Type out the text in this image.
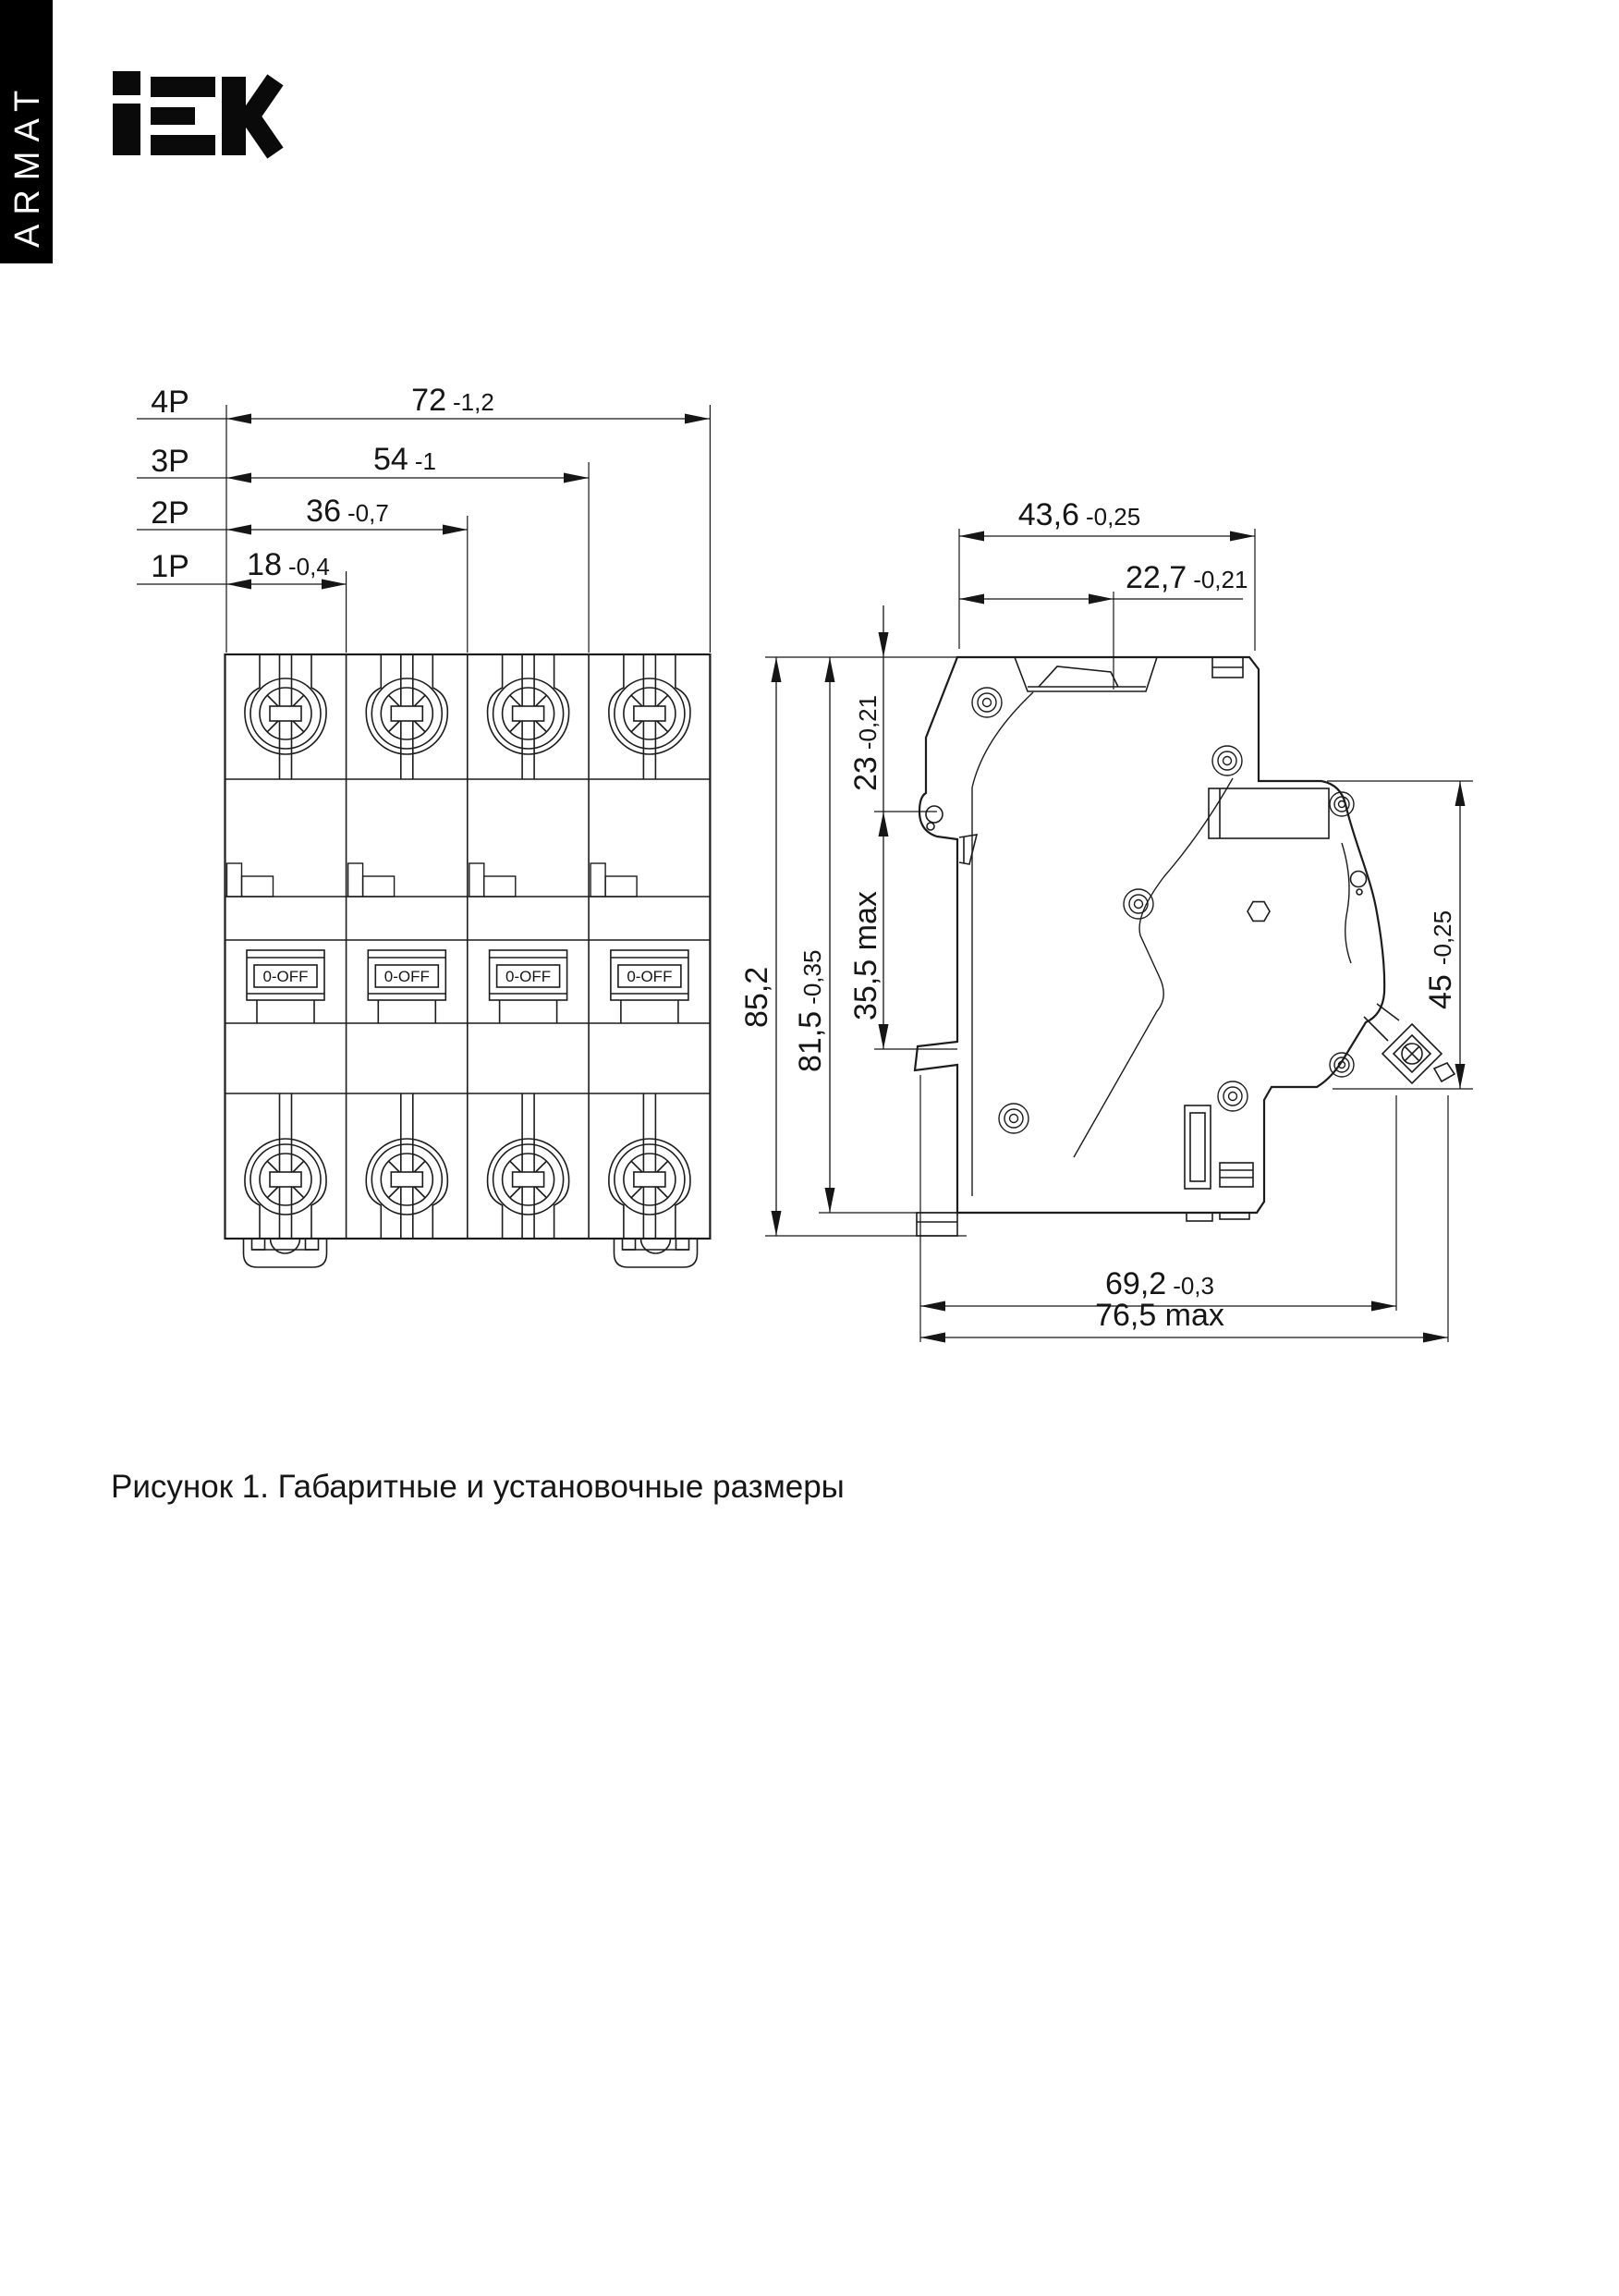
ARMAT
0-OFF	0-OFF	0-OFF	0-OFF
4P
3P
2P
1P
72 -1,2
54 -1
36 -0,7
18 -0,4
43,6 -0,25
22,7 -0,21
85,2
81,5-0,35
23-0,21
35,5 max	45-0,25
69,2 -0,3
76,5 max
Рисунок 1. Габаритные и установочные размеры
